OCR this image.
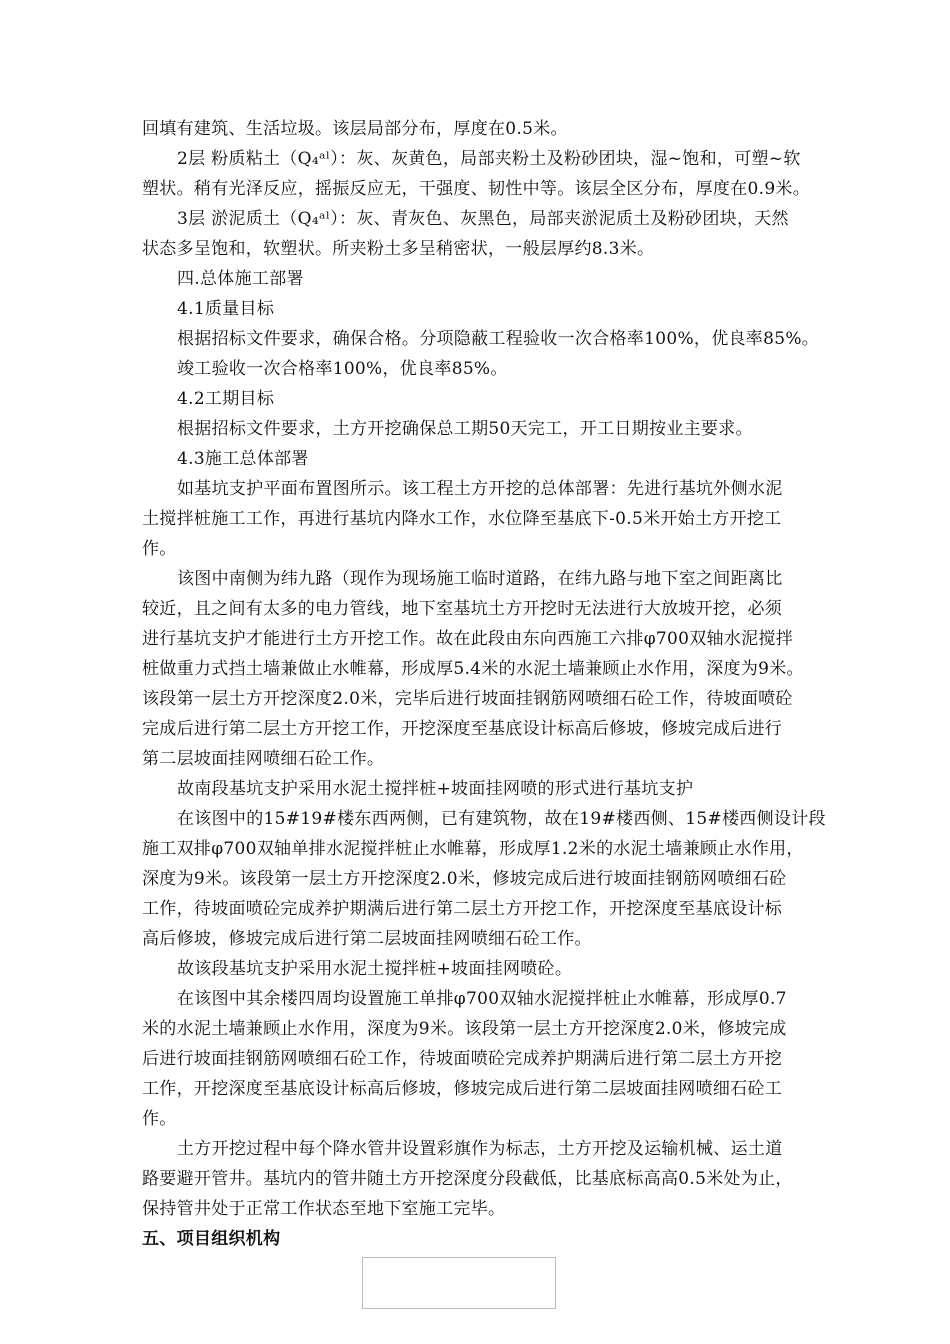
回填有建筑、生活垃圾。该层局部分布，厚度在0.5米。
2层 粉质粘土（Q₄ᵃˡ）：灰、灰黄色，局部夹粉土及粉砂团块，湿~饱和，可塑~软
塑状。稍有光泽反应，摇振反应无，干强度、韧性中等。该层全区分布，厚度在0.9米。
3层 淤泥质土（Q₄ᵃˡ）：灰、青灰色、灰黑色，局部夹淤泥质土及粉砂团块，天然
状态多呈饱和，软塑状。所夹粉土多呈稍密状，一般层厚约8.3米。
四.总体施工部署
4.1质量目标
根据招标文件要求，确保合格。分项隐蔽工程验收一次合格率100%，优良率85%。
竣工验收一次合格率100%，优良率85%。
4.2工期目标
根据招标文件要求，土方开挖确保总工期50天完工，开工日期按业主要求。
4.3施工总体部署
如基坑支护平面布置图所示。该工程土方开挖的总体部署：先进行基坑外侧水泥
土搅拌桩施工工作，再进行基坑内降水工作，水位降至基底下-0.5米开始土方开挖工
作。
该图中南侧为纬九路（现作为现场施工临时道路，在纬九路与地下室之间距离比
较近，且之间有太多的电力管线，地下室基坑土方开挖时无法进行大放坡开挖，必须
进行基坑支护才能进行土方开挖工作。故在此段由东向西施工六排φ700双轴水泥搅拌
桩做重力式挡土墙兼做止水帷幕，形成厚5.4米的水泥土墙兼顾止水作用，深度为9米。
该段第一层土方开挖深度2.0米，完毕后进行坡面挂钢筋网喷细石砼工作，待坡面喷砼
完成后进行第二层土方开挖工作，开挖深度至基底设计标高后修坡，修坡完成后进行
第二层坡面挂网喷细石砼工作。
故南段基坑支护采用水泥土搅拌桩+坡面挂网喷的形式进行基坑支护
在该图中的15#19#楼东西两侧，已有建筑物，故在19#楼西侧、15#楼西侧设计段
施工双排φ700双轴单排水泥搅拌桩止水帷幕，形成厚1.2米的水泥土墙兼顾止水作用，
深度为9米。该段第一层土方开挖深度2.0米，修坡完成后进行坡面挂钢筋网喷细石砼
工作，待坡面喷砼完成养护期满后进行第二层土方开挖工作，开挖深度至基底设计标
高后修坡，修坡完成后进行第二层坡面挂网喷细石砼工作。
故该段基坑支护采用水泥土搅拌桩+坡面挂网喷砼。
在该图中其余楼四周均设置施工单排φ700双轴水泥搅拌桩止水帷幕，形成厚0.7
米的水泥土墙兼顾止水作用，深度为9米。该段第一层土方开挖深度2.0米，修坡完成
后进行坡面挂钢筋网喷细石砼工作，待坡面喷砼完成养护期满后进行第二层土方开挖
工作，开挖深度至基底设计标高后修坡，修坡完成后进行第二层坡面挂网喷细石砼工
作。
土方开挖过程中每个降水管井设置彩旗作为标志，土方开挖及运输机械、运土道
路要避开管井。基坑内的管井随土方开挖深度分段截低，比基底标高高0.5米处为止，
保持管井处于正常工作状态至地下室施工完毕。
五、项目组织机构
